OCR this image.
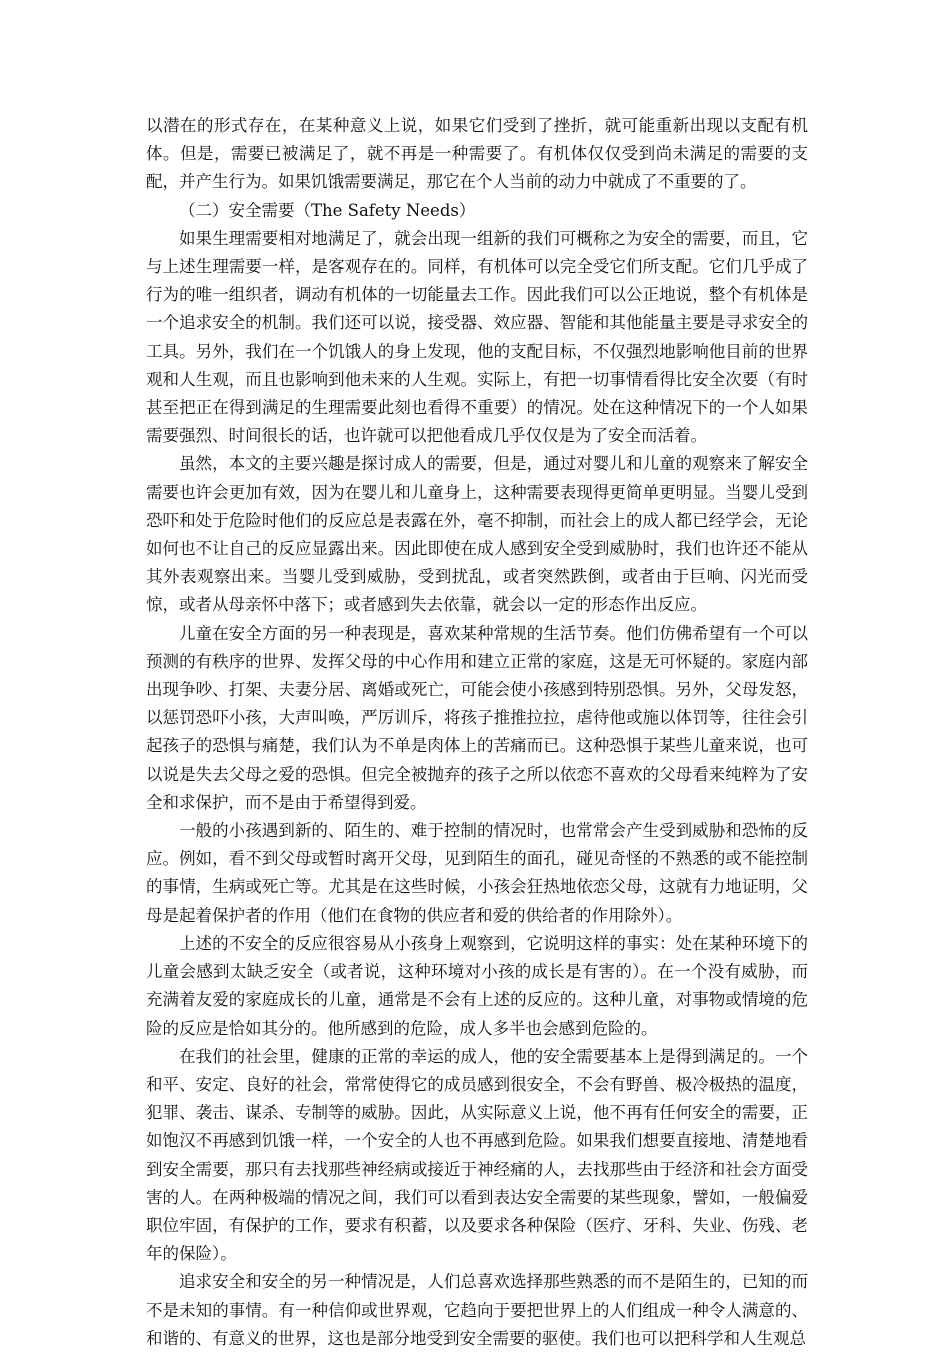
以潜在的形式存在，在某种意义上说，如果它们受到了挫折，就可能重新出现以支配有机体。但是，需要已被满足了，就不再是一种需要了。有机体仅仅受到尚未满足的需要的支配，并产生行为。如果饥饿需要满足，那它在个人当前的动力中就成了不重要的了。

（二）安全需要（The Safety Needs）

如果生理需要相对地满足了，就会出现一组新的我们可概称之为安全的需要，而且，它与上述生理需要一样，是客观存在的。同样，有机体可以完全受它们所支配。它们几乎成了行为的唯一组织者，调动有机体的一切能量去工作。因此我们可以公正地说，整个有机体是一个追求安全的机制。我们还可以说，接受器、效应器、智能和其他能量主要是寻求安全的工具。另外，我们在一个饥饿人的身上发现，他的支配目标，不仅强烈地影响他目前的世界观和人生观，而且也影响到他未来的人生观。实际上，有把一切事情看得比安全次要（有时甚至把正在得到满足的生理需要此刻也看得不重要）的情况。处在这种情况下的一个人如果需要强烈、时间很长的话，也许就可以把他看成几乎仅仅是为了安全而活着。

虽然，本文的主要兴趣是探讨成人的需要，但是，通过对婴儿和儿童的观察来了解安全需要也许会更加有效，因为在婴儿和儿童身上，这种需要表现得更简单更明显。当婴儿受到恐吓和处于危险时他们的反应总是表露在外，毫不抑制，而社会上的成人都已经学会，无论如何也不让自己的反应显露出来。因此即使在成人感到安全受到威胁时，我们也许还不能从其外表观察出来。当婴儿受到威胁，受到扰乱，或者突然跌倒，或者由于巨响、闪光而受惊，或者从母亲怀中落下；或者感到失去依靠，就会以一定的形态作出反应。

儿童在安全方面的另一种表现是，喜欢某种常规的生活节奏。他们仿佛希望有一个可以预测的有秩序的世界、发挥父母的中心作用和建立正常的家庭，这是无可怀疑的。家庭内部出现争吵、打架、夫妻分居、离婚或死亡，可能会使小孩感到特别恐惧。另外，父母发怒，以惩罚恐吓小孩，大声叫唤，严厉训斥，将孩子推推拉拉，虐待他或施以体罚等，往往会引起孩子的恐惧与痛楚，我们认为不单是肉体上的苦痛而已。这种恐惧于某些儿童来说，也可以说是失去父母之爱的恐惧。但完全被抛弃的孩子之所以依恋不喜欢的父母看来纯粹为了安全和求保护，而不是由于希望得到爱。

一般的小孩遇到新的、陌生的、难于控制的情况时，也常常会产生受到威胁和恐怖的反应。例如，看不到父母或暂时离开父母，见到陌生的面孔，碰见奇怪的不熟悉的或不能控制的事情，生病或死亡等。尤其是在这些时候，小孩会狂热地依恋父母，这就有力地证明，父母是起着保护者的作用（他们在食物的供应者和爱的供给者的作用除外）。

上述的不安全的反应很容易从小孩身上观察到，它说明这样的事实：处在某种环境下的儿童会感到太缺乏安全（或者说，这种环境对小孩的成长是有害的）。在一个没有威胁，而充满着友爱的家庭成长的儿童，通常是不会有上述的反应的。这种儿童，对事物或情境的危险的反应是恰如其分的。他所感到的危险，成人多半也会感到危险的。

在我们的社会里，健康的正常的幸运的成人，他的安全需要基本上是得到满足的。一个和平、安定、良好的社会，常常使得它的成员感到很安全，不会有野兽、极冷极热的温度，犯罪、袭击、谋杀、专制等的威胁。因此，从实际意义上说，他不再有任何安全的需要，正如饱汉不再感到饥饿一样，一个安全的人也不再感到危险。如果我们想要直接地、清楚地看到安全需要，那只有去找那些神经病或接近于神经痛的人，去找那些由于经济和社会方面受害的人。在两种极端的情况之间，我们可以看到表达安全需要的某些现象，譬如，一般偏爱职位牢固，有保护的工作，要求有积蓄，以及要求各种保险（医疗、牙科、失业、伤残、老年的保险）。

追求安全和安全的另一种情况是，人们总喜欢选择那些熟悉的而不是陌生的，已知的而不是未知的事情。有一种信仰或世界观，它趋向于要把世界上的人们组成一种令人满意的、和谐的、有意义的世界，这也是部分地受到安全需要的驱使。我们也可以把科学和人生观总
